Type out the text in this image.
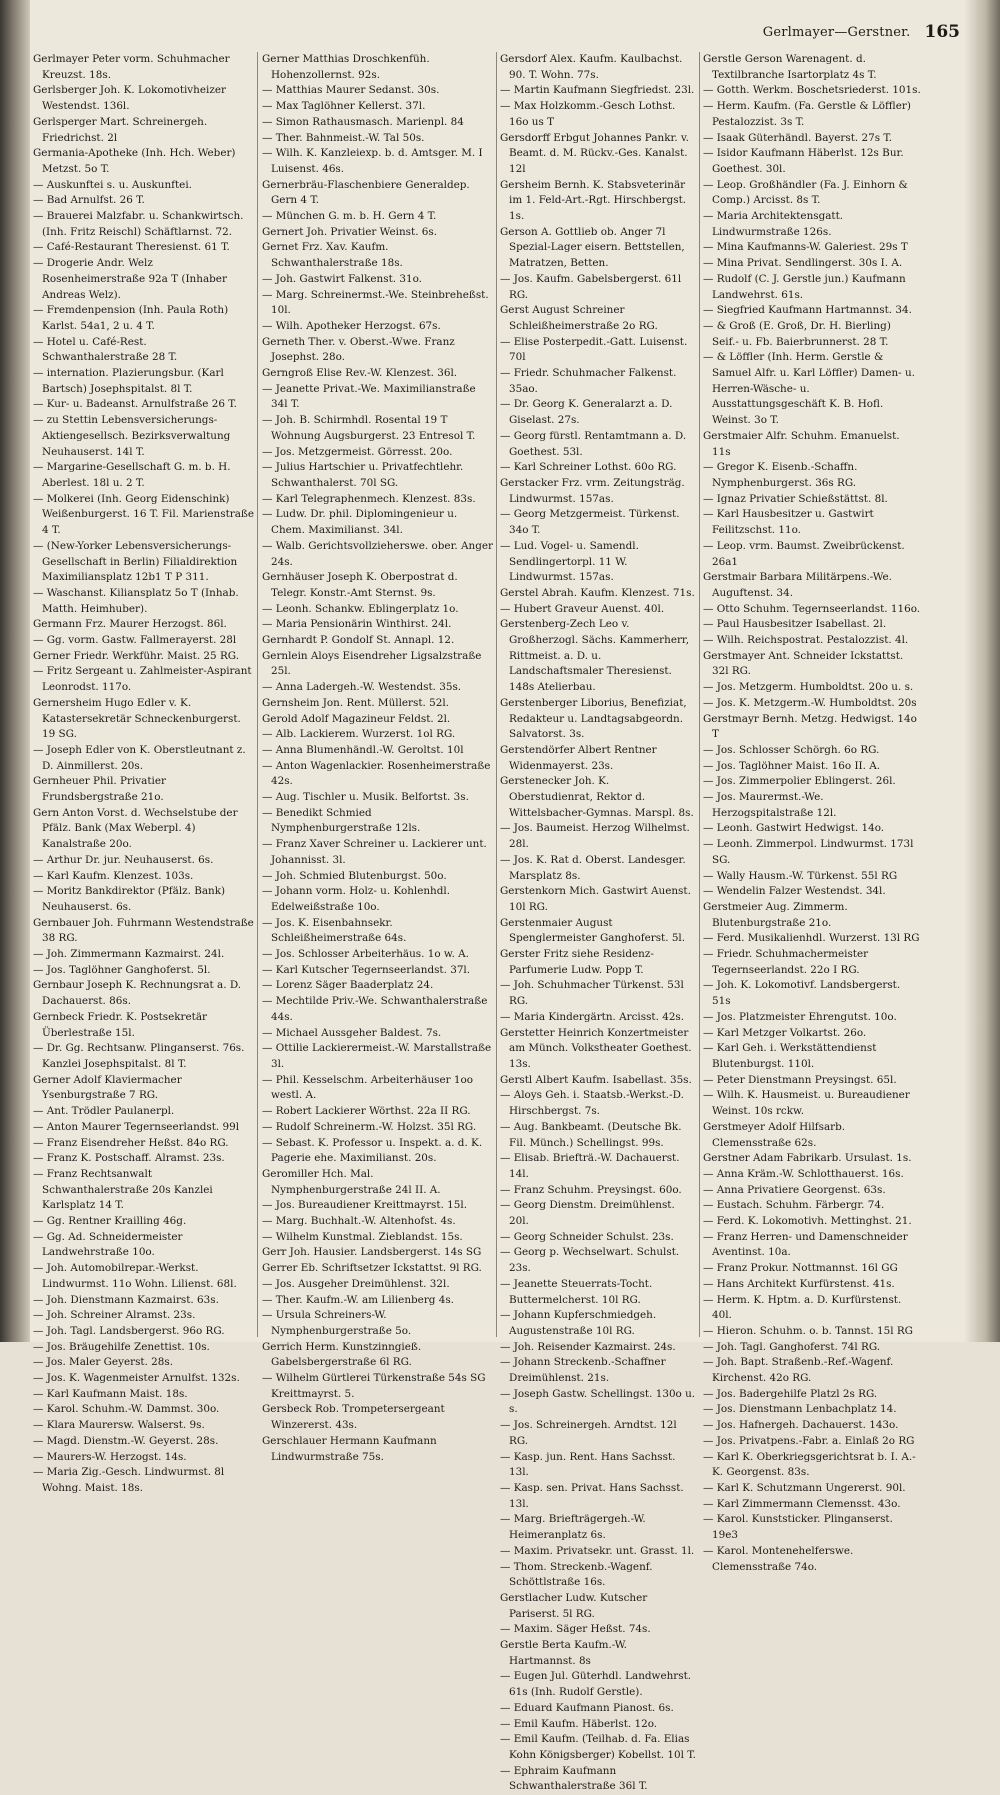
Gerlmayer—Gerstner. 165

Gerlmayer Peter vorm. Schuhmacher Kreuzst. 18s.

Gerlsberger Joh. K. Lokomotivheizer Westendst. 136l.

Gerlsperger Mart. Schreinergeh. Friedrichst. 2l

Germania-Apotheke (Inh. Hch. Weber) Metzst. 5o T.

— Auskunftei s. u. Auskunftei.

— Bad Arnulfst. 26 T.

— Brauerei Malzfabr. u. Schankwirtsch. (Inh. Fritz Reischl) Schäftlarnst. 72.

— Café-Restaurant Theresienst. 61 T.

— Drogerie Andr. Welz Rosenheimerstraße 92a T (Inhaber Andreas Welz).

— Fremdenpension (Inh. Paula Roth) Karlst. 54a1, 2 u. 4 T.

— Hotel u. Café-Rest. Schwanthalerstraße 28 T.

— internation. Plazierungsbur. (Karl Bartsch) Josephspitalst. 8l T.

— Kur- u. Badeanst. Arnulfstraße 26 T.

— zu Stettin Lebensversicherungs-Aktiengesellsch. Bezirksverwaltung Neuhauserst. 14l T.

— Margarine-Gesellschaft G. m. b. H. Aberlest. 18l u. 2 T.

— Molkerei (Inh. Georg Eidenschink) Weißenburgerst. 16 T. Fil. Marienstraße 4 T.

— (New-Yorker Lebensversicherungs-Gesellschaft in Berlin) Filialdirektion Maximiliansplatz 12b1 T P 311.

— Waschanst. Kiliansplatz 5o T (Inhab. Matth. Heimhuber).

Germann Frz. Maurer Herzogst. 86l.

— Gg. vorm. Gastw. Fallmerayerst. 28l

Gerner Friedr. Werkführ. Maist. 25 RG.

— Fritz Sergeant u. Zahlmeister-Aspirant Leonrodst. 117o.

Gernersheim Hugo Edler v. K. Katastersekretär Schneckenburgerst. 19 SG.

— Joseph Edler von K. Oberstleutnant z. D. Ainmillerst. 20s.

Gernheuer Phil. Privatier Frundsbergstraße 21o.

Gern Anton Vorst. d. Wechselstube der Pfälz. Bank (Max Weberpl. 4) Kanalstraße 20o.

— Arthur Dr. jur. Neuhauserst. 6s.

— Karl Kaufm. Klenzest. 103s.

— Moritz Bankdirektor (Pfälz. Bank) Neuhauserst. 6s.

Gernbauer Joh. Fuhrmann Westendstraße 38 RG.

— Joh. Zimmermann Kazmairst. 24l.

— Jos. Taglöhner Ganghoferst. 5l.

Gernbaur Joseph K. Rechnungsrat a. D. Dachauerst. 86s.

Gernbeck Friedr. K. Postsekretär Überlestraße 15l.

— Dr. Gg. Rechtsanw. Plinganserst. 76s. Kanzlei Josephspitalst. 8l T.

Gerner Adolf Klaviermacher Ysenburgstraße 7 RG.

— Ant. Trödler Paulanerpl.

— Anton Maurer Tegernseerlandst. 99l

— Franz Eisendreher Heßst. 84o RG.

— Franz K. Postschaff. Alramst. 23s.

— Franz Rechtsanwalt Schwanthalerstraße 20s Kanzlei Karlsplatz 14 T.

— Gg. Rentner Krailling 46g.

— Gg. Ad. Schneidermeister Landwehrstraße 10o.

— Joh. Automobilrepar.-Werkst. Lindwurmst. 11o Wohn. Lilienst. 68l.

— Joh. Dienstmann Kazmairst. 63s.

— Joh. Schreiner Alramst. 23s.

— Joh. Tagl. Landsbergerst. 96o RG.

— Jos. Bräugehilfe Zenettist. 10s.

— Jos. Maler Geyerst. 28s.

— Jos. K. Wagenmeister Arnulfst. 132s.

— Karl Kaufmann Maist. 18s.

— Karol. Schuhm.-W. Dammst. 30o.

— Klara Maurersw. Walserst. 9s.

— Magd. Dienstm.-W. Geyerst. 28s.

— Maurers-W. Herzogst. 14s.

— Maria Zig.-Gesch. Lindwurmst. 8l Wohng. Maist. 18s.

Gerner Matthias Droschkenfüh. Hohenzollernst. 92s.

— Matthias Maurer Sedanst. 30s.

— Max Taglöhner Kellerst. 37l.

— Simon Rathausmasch. Marienpl. 84

— Ther. Bahnmeist.-W. Tal 50s.

— Wilh. K. Kanzleiexp. b. d. Amtsger. M. I Luisenst. 46s.

Gernerbräu-Flaschenbiere Generaldep. Gern 4 T.

— München G. m. b. H. Gern 4 T.

Gernert Joh. Privatier Weinst. 6s.

Gernet Frz. Xav. Kaufm. Schwanthalerstraße 18s.

— Joh. Gastwirt Falkenst. 31o.

— Marg. Schreinermst.-We. Steinbreheßst. 10l.

— Wilh. Apotheker Herzogst. 67s.

Gerneth Ther. v. Oberst.-Wwe. Franz Josephst. 28o.

Gerngroß Elise Rev.-W. Klenzest. 36l.

— Jeanette Privat.-We. Maximilianstraße 34l T.

— Joh. B. Schirmhdl. Rosental 19 T Wohnung Augsburgerst. 23 Entresol T.

— Jos. Metzgermeist. Görresst. 20o.

— Julius Hartschier u. Privatfechtlehr. Schwanthalerst. 70l SG.

— Karl Telegraphenmech. Klenzest. 83s.

— Ludw. Dr. phil. Diplomingenieur u. Chem. Maximilianst. 34l.

— Walb. Gerichtsvollzieherswe. ober. Anger 24s.

Gernhäuser Joseph K. Oberpostrat d. Telegr. Konstr.-Amt Sternst. 9s.

— Leonh. Schankw. Eblingerplatz 1o.

— Maria Pensionärin Winthirst. 24l.

Gernhardt P. Gondolf St. Annapl. 12.

Gernlein Aloys Eisendreher Ligsalzstraße 25l.

— Anna Ladergeh.-W. Westendst. 35s.

Gernsheim Jon. Rent. Müllerst. 52l.

Gerold Adolf Magazineur Feldst. 2l.

— Alb. Lackierem. Wurzerst. 1ol RG.

— Anna Blumenhändl.-W. Geroltst. 10l

— Anton Wagenlackier. Rosenheimerstraße 42s.

— Aug. Tischler u. Musik. Belfortst. 3s.

— Benedikt Schmied Nymphenburgerstraße 12ls.

— Franz Xaver Schreiner u. Lackierer unt. Johannisst. 3l.

— Joh. Schmied Blutenburgst. 50o.

— Johann vorm. Holz- u. Kohlenhdl. Edelweißstraße 10o.

— Jos. K. Eisenbahnsekr. Schleißheimerstraße 64s.

— Jos. Schlosser Arbeiterhäus. 1o w. A.

— Karl Kutscher Tegernseerlandst. 37l.

— Lorenz Säger Baaderplatz 24.

— Mechtilde Priv.-We. Schwanthalerstraße 44s.

— Michael Aussgeher Baldest. 7s.

— Ottilie Lackierermeist.-W. Marstallstraße 3l.

— Phil. Kesselschm. Arbeiterhäuser 1oo westl. A.

— Robert Lackierer Wörthst. 22a II RG.

— Rudolf Schreinerm.-W. Holzst. 35l RG.

— Sebast. K. Professor u. Inspekt. a. d. K. Pagerie ehe. Maximilianst. 20s.

Geromiller Hch. Mal. Nymphenburgerstraße 24l II. A.

— Jos. Bureaudiener Kreittmayrst. 15l.

— Marg. Buchhalt.-W. Altenhofst. 4s.

— Wilhelm Kunstmal. Zieblandst. 15s.

Gerr Joh. Hausier. Landsbergerst. 14s SG

Gerrer Eb. Schriftsetzer Ickstattst. 9l RG.

— Jos. Ausgeher Dreimühlenst. 32l.

— Ther. Kaufm.-W. am Lilienberg 4s.

— Ursula Schreiners-W. Nymphenburgerstraße 5o.

Gerrich Herm. Kunstzinngieß. Gabelsbergerstraße 6l RG.

— Wilhelm Gürtlerei Türkenstraße 54s SG Kreittmayrst. 5.

Gersbeck Rob. Trompetersergeant Winzererst. 43s.

Gerschlauer Hermann Kaufmann Lindwurmstraße 75s.

Gersdorf Alex. Kaufm. Kaulbachst. 90. T. Wohn. 77s.

— Martin Kaufmann Siegfriedst. 23l.

— Max Holzkomm.-Gesch Lothst. 16o us T

Gersdorff Erbgut Johannes Pankr. v. Beamt. d. M. Rückv.-Ges. Kanalst. 12l

Gersheim Bernh. K. Stabsveterinär im 1. Feld-Art.-Rgt. Hirschbergst. 1s.

Gerson A. Gottlieb ob. Anger 7l Spezial-Lager eisern. Bettstellen, Matratzen, Betten.

— Jos. Kaufm. Gabelsbergerst. 61l RG.

Gerst August Schreiner Schleißheimerstraße 2o RG.

— Elise Posterpedit.-Gatt. Luisenst. 70l

— Friedr. Schuhmacher Falkenst. 35ao.

— Dr. Georg K. Generalarzt a. D. Giselast. 27s.

— Georg fürstl. Rentamtmann a. D. Goethest. 53l.

— Karl Schreiner Lothst. 60o RG.

Gerstacker Frz. vrm. Zeitungsträg. Lindwurmst. 157as.

— Georg Metzgermeist. Türkenst. 34o T.

— Lud. Vogel- u. Samendl. Sendlingertorpl. 11 W. Lindwurmst. 157as.

Gerstel Abrah. Kaufm. Klenzest. 71s.

— Hubert Graveur Auenst. 40l.

Gerstenberg-Zech Leo v. Großherzogl. Sächs. Kammerherr, Rittmeist. a. D. u. Landschaftsmaler Theresienst. 148s Atelierbau.

Gerstenberger Liborius, Benefiziat, Redakteur u. Landtagsabgeordn. Salvatorst. 3s.

Gerstendörfer Albert Rentner Widenmayerst. 23s.

Gerstenecker Joh. K. Oberstudienrat, Rektor d. Wittelsbacher-Gymnas. Marspl. 8s.

— Jos. Baumeist. Herzog Wilhelmst. 28l.

— Jos. K. Rat d. Oberst. Landesger. Marsplatz 8s.

Gerstenkorn Mich. Gastwirt Auenst. 10l RG.

Gerstenmaier August Spenglermeister Ganghoferst. 5l.

Gerster Fritz siehe Residenz-Parfumerie Ludw. Popp T.

— Joh. Schuhmacher Türkenst. 53l RG.

— Maria Kindergärtn. Arcisst. 42s.

Gerstetter Heinrich Konzertmeister am Münch. Volkstheater Goethest. 13s.

Gerstl Albert Kaufm. Isabellast. 35s.

— Aloys Geh. i. Staatsb.-Werkst.-D. Hirschbergst. 7s.

— Aug. Bankbeamt. (Deutsche Bk. Fil. Münch.) Schellingst. 99s.

— Elisab. Briefträ.-W. Dachauerst. 14l.

— Franz Schuhm. Preysingst. 60o.

— Georg Dienstm. Dreimühlenst. 20l.

— Georg Schneider Schulst. 23s.

— Georg p. Wechselwart. Schulst. 23s.

— Jeanette Steuerrats-Tocht. Buttermelcherst. 10l RG.

— Johann Kupferschmiedgeh. Augustenstraße 10l RG.

— Joh. Reisender Kazmairst. 24s.

— Johann Streckenb.-Schaffner Dreimühlenst. 21s.

— Joseph Gastw. Schellingst. 130o u. s.

— Jos. Schreinergeh. Arndtst. 12l RG.

— Kasp. jun. Rent. Hans Sachsst. 13l.

— Kasp. sen. Privat. Hans Sachsst. 13l.

— Marg. Briefträgergeh.-W. Heimeranplatz 6s.

— Maxim. Privatsekr. unt. Grasst. 1l.

— Thom. Streckenb.-Wagenf. Schöttlstraße 16s.

Gerstlacher Ludw. Kutscher Pariserst. 5l RG.

— Maxim. Säger Heßst. 74s.

Gerstle Berta Kaufm.-W. Hartmannst. 8s

— Eugen Jul. Güterhdl. Landwehrst. 61s (Inh. Rudolf Gerstle).

— Eduard Kaufmann Pianost. 6s.

— Emil Kaufm. Häberlst. 12o.

— Emil Kaufm. (Teilhab. d. Fa. Elias Kohn Königsberger) Kobellst. 10l T.

— Ephraim Kaufmann Schwanthalerstraße 36l T.

Gerstle Gerson Warenagent. d. Textilbranche Isartorplatz 4s T.

— Gotth. Werkm. Boschetsriederst. 101s.

— Herm. Kaufm. (Fa. Gerstle & Löffler) Pestalozzist. 3s T.

— Isaak Güterhändl. Bayerst. 27s T.

— Isidor Kaufmann Häberlst. 12s Bur. Goethest. 30l.

— Leop. Großhändler (Fa. J. Einhorn & Comp.) Arcisst. 8s T.

— Maria Architektensgatt. Lindwurmstraße 126s.

— Mina Kaufmanns-W. Galeriest. 29s T

— Mina Privat. Sendlingerst. 30s I. A.

— Rudolf (C. J. Gerstle jun.) Kaufmann Landwehrst. 61s.

— Siegfried Kaufmann Hartmannst. 34.

— & Groß (E. Groß, Dr. H. Bierling) Seif.- u. Fb. Baierbrunnerst. 28 T.

— & Löffler (Inh. Herm. Gerstle & Samuel Alfr. u. Karl Löffler) Damen- u. Herren-Wäsche- u. Ausstattungsgeschäft K. B. Hofl. Weinst. 3o T.

Gerstmaier Alfr. Schuhm. Emanuelst. 11s

— Gregor K. Eisenb.-Schaffn. Nymphenburgerst. 36s RG.

— Ignaz Privatier Schießstättst. 8l.

— Karl Hausbesitzer u. Gastwirt Feilitzschst. 11o.

— Leop. vrm. Baumst. Zweibrückenst. 26a1

Gerstmair Barbara Militärpens.-We. Auguftenst. 34.

— Otto Schuhm. Tegernseerlandst. 116o.

— Paul Hausbesitzer Isabellast. 2l.

— Wilh. Reichspostrat. Pestalozzist. 4l.

Gerstmayer Ant. Schneider Ickstattst. 32l RG.

— Jos. Metzgerm. Humboldtst. 20o u. s.

— Jos. K. Metzgerm.-W. Humboldtst. 20s

Gerstmayr Bernh. Metzg. Hedwigst. 14o T

— Jos. Schlosser Schörgh. 6o RG.

— Jos. Taglöhner Maist. 16o II. A.

— Jos. Zimmerpolier Eblingerst. 26l.

— Jos. Maurermst.-We. Herzogspitalstraße 12l.

— Leonh. Gastwirt Hedwigst. 14o.

— Leonh. Zimmerpol. Lindwurmst. 173l SG.

— Wally Hausm.-W. Türkenst. 55l RG

— Wendelin Falzer Westendst. 34l.

Gerstmeier Aug. Zimmerm. Blutenburgstraße 21o.

— Ferd. Musikalienhdl. Wurzerst. 13l RG

— Friedr. Schuhmachermeister Tegernseerlandst. 22o I RG.

— Joh. K. Lokomotivf. Landsbergerst. 51s

— Jos. Platzmeister Ehrengutst. 10o.

— Karl Metzger Volkartst. 26o.

— Karl Geh. i. Werkstättendienst Blutenburgst. 110l.

— Peter Dienstmann Preysingst. 65l.

— Wilh. K. Hausmeist. u. Bureaudiener Weinst. 10s rckw.

Gerstmeyer Adolf Hilfsarb. Clemensstraße 62s.

Gerstner Adam Fabrikarb. Ursulast. 1s.

— Anna Kräm.-W. Schlotthauerst. 16s.

— Anna Privatiere Georgenst. 63s.

— Eustach. Schuhm. Färbergr. 74.

— Ferd. K. Lokomotivh. Mettinghst. 21.

— Franz Herren- und Damenschneider Aventinst. 10a.

— Franz Prokur. Nottmannst. 16l GG

— Hans Architekt Kurfürstenst. 41s.

— Herm. K. Hptm. a. D. Kurfürstenst. 40l.

— Hieron. Schuhm. o. b. Tannst. 15l RG

— Joh. Tagl. Ganghoferst. 74l RG.

— Joh. Bapt. Straßenb.-Ref.-Wagenf. Kirchenst. 42o RG.

— Jos. Badergehilfe Platzl 2s RG.

— Jos. Dienstmann Lenbachplatz 14.

— Jos. Hafnergeh. Dachauerst. 143o.

— Jos. Privatpens.-Fabr. a. Einlaß 2o RG

— Karl K. Oberkriegsgerichtsrat b. I. A.-K. Georgenst. 83s.

— Karl K. Schutzmann Ungererst. 90l.

— Karl Zimmermann Clemensst. 43o.

— Karol. Kunststicker. Plinganserst. 19e3

— Karol. Montenehelferswe. Clemensstraße 74o.
